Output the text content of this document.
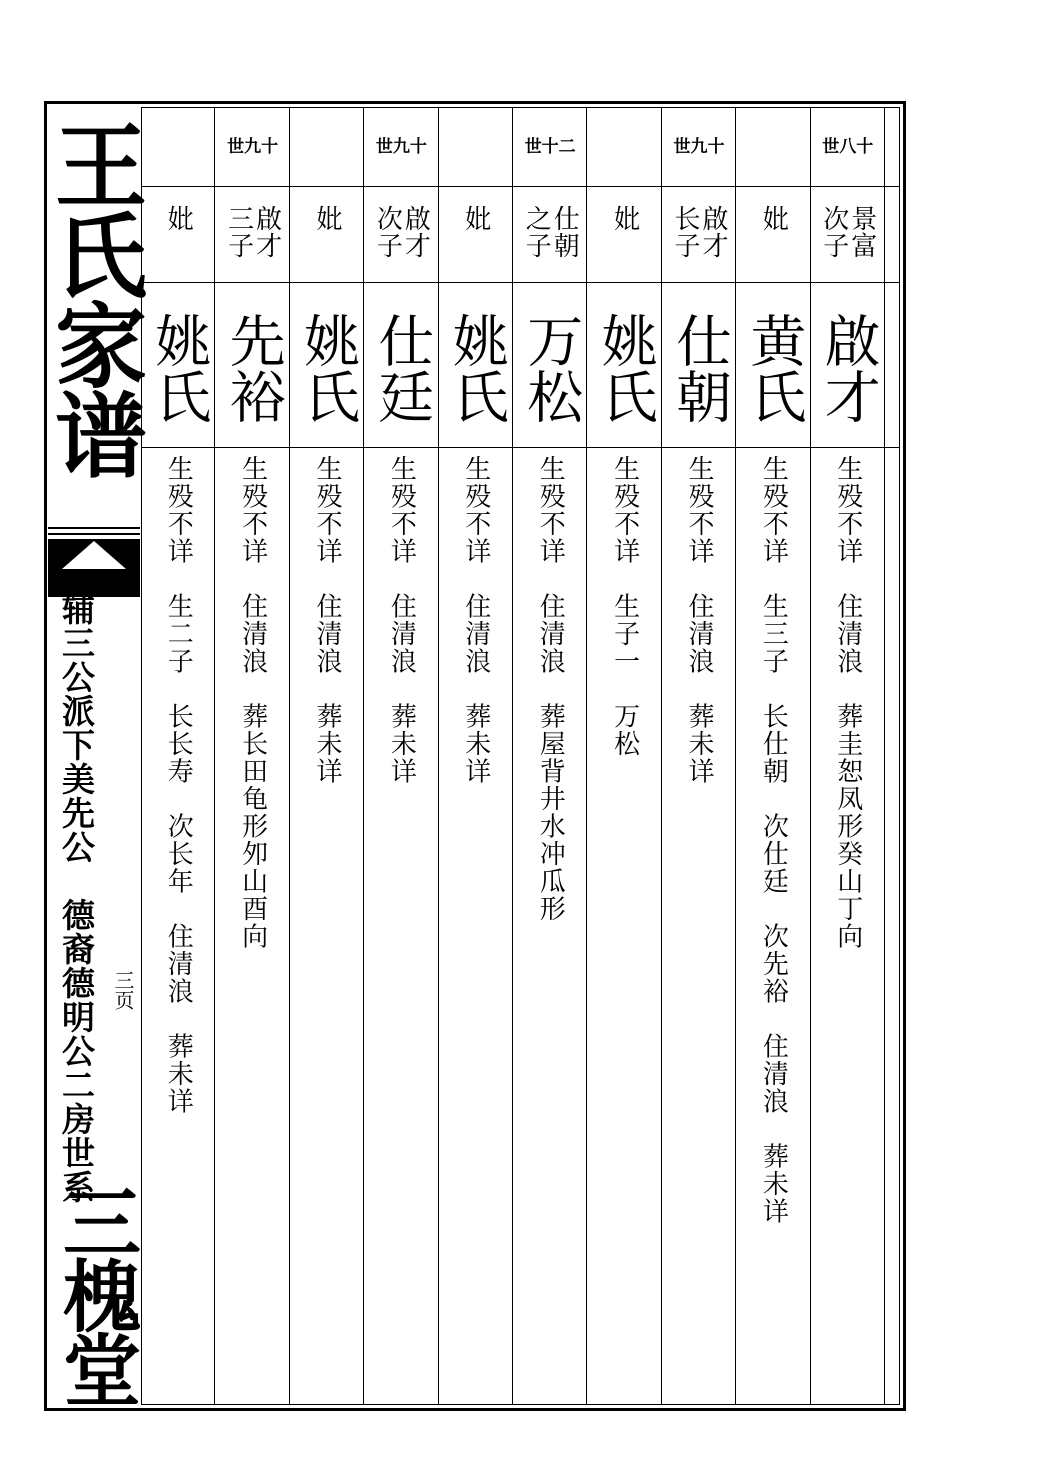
王氏家谱
辅三公派下美先公　德裔德明公二房世系 三页
三槐堂
世八十
景富 次子
啟才
生殁不详　住清浪　葬圭恕凤形癸山丁向
妣
黄氏
生殁不详　生三子　长仕朝　次仕廷　次先裕　住清浪　葬未详
世九十
啟才 长子
仕朝
生殁不详　住清浪　葬未详
妣
姚氏
生殁不详　生子一　万松
世十二
仕朝 之子
万松
生殁不详　住清浪　葬屋背井水冲瓜形
妣
姚氏
生殁不详　住清浪　葬未详
世九十
啟才 次子
仕廷
生殁不详　住清浪　葬未详
妣
姚氏
生殁不详　住清浪　葬未详
世九十
啟才 三子
先裕
生殁不详　住清浪　葬长田龟形夘山酉向
妣
姚氏
生殁不详　生二子　长长寿　次长年　住清浪　葬未详
